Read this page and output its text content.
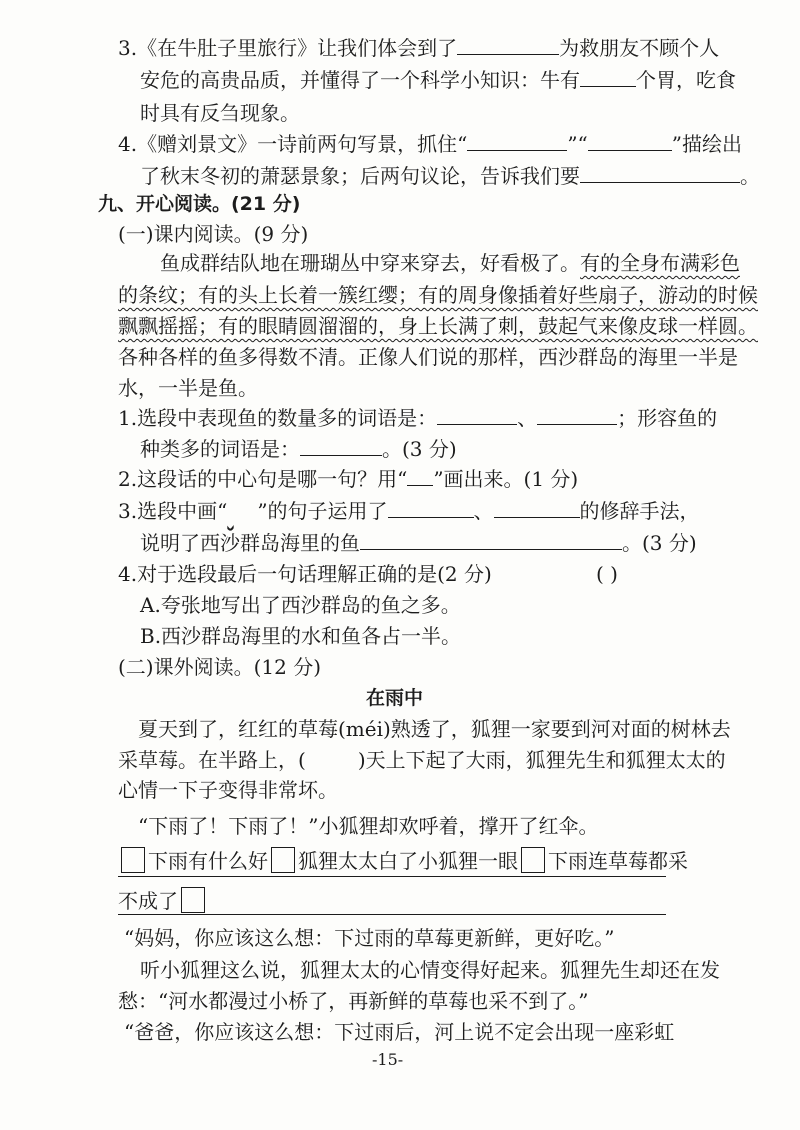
3.《在牛肚子里旅行》让我们体会到了	为救朋友不顾个人
安危的高贵品质，并懂得了一个科学小知识：牛有	个胃，吃食
时具有反刍现象。
4.《赠刘景文》一诗前两句写景，抓住“	”“	”描绘出
了秋末冬初的萧瑟景象；后两句议论，告诉我们要	。
九、开心阅读。(21 分)
(一)课内阅读。(9 分)
鱼成群结队地在珊瑚丛中穿来穿去，好看极了。有的全身布满彩色
的条纹；有的头上长着一簇红缨；有的周身像插着好些扇子，游动的时候
飘飘摇摇；有的眼睛圆溜溜的，身上长满了刺，鼓起气来像皮球一样圆。
各种各样的鱼多得数不清。正像人们说的那样，西沙群岛的海里一半是
水，一半是鱼。
1.选段中表现鱼的数量多的词语是：	、	；形容鱼的
种类多的词语是：	。(3 分)
2.这段话的中心句是哪一句？用“ ”画出来。(1 分)
3.选段中画“ ”的句子运用了	、	的修辞手法，
说明了西沙群岛海里的鱼	。(3 分)
4.对于选段最后一句话理解正确的是(2 分)	( )
A.夸张地写出了西沙群岛的鱼之多。
B.西沙群岛海里的水和鱼各占一半。
(二)课外阅读。(12 分)
在雨中
夏天到了，红红的草莓(méi)熟透了，狐狸一家要到河对面的树林去
采草莓。在半路上，(	)天上下起了大雨，狐狸先生和狐狸太太的
心情一下子变得非常坏。
“下雨了！下雨了！”小狐狸却欢呼着，撑开了红伞。
下雨有什么好 狐狸太太白了小狐狸一眼 下雨连草莓都采
不成了
“妈妈，你应该这么想：下过雨的草莓更新鲜，更好吃。”
听小狐狸这么说，狐狸太太的心情变得好起来。狐狸先生却还在发
愁：“河水都漫过小桥了，再新鲜的草莓也采不到了。”
“爸爸，你应该这么想：下过雨后，河上说不定会出现一座彩虹
-15-
